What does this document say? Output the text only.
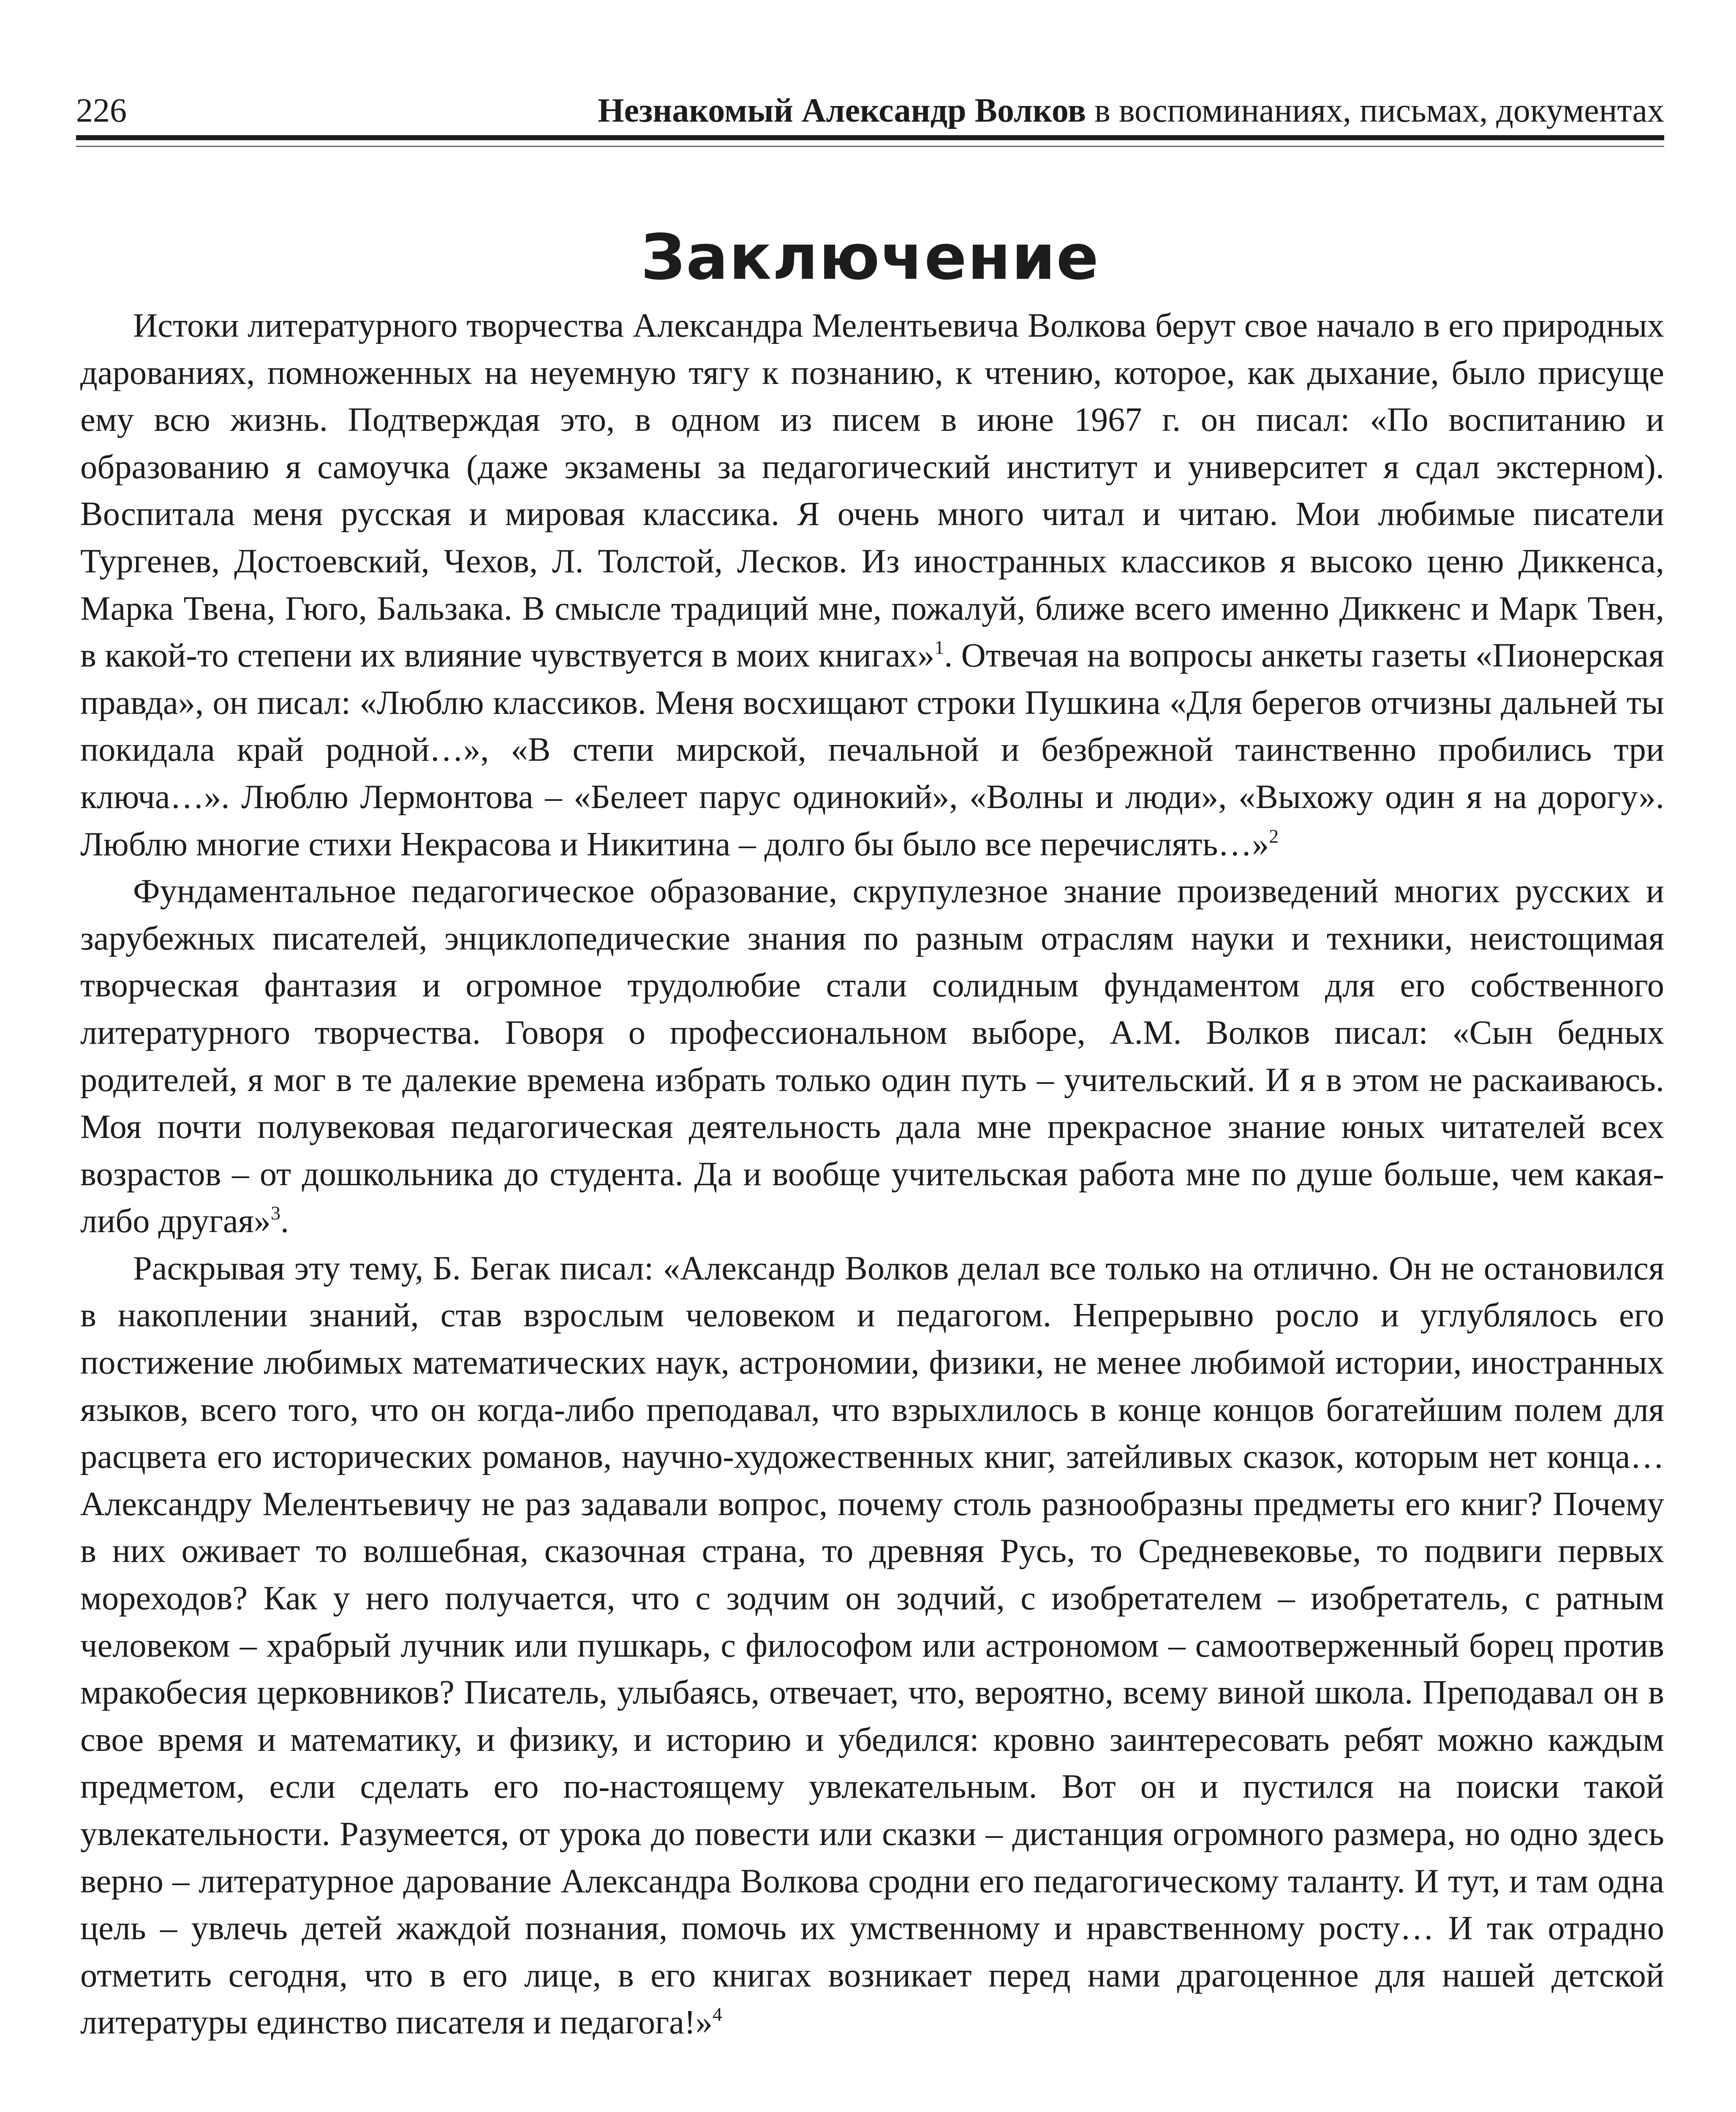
226	Незнакомый Александр Волков в воспоминаниях, письмах, документах
Заключение

Истоки литературного творчества Александра Мелентьевича Волкова берут свое начало в его природных дарованиях, помноженных на неуемную тягу к познанию, к чтению, которое, как дыхание, было присуще ему всю жизнь. Подтверждая это, в одном из писем в июне 1967 г. он писал: «По воспитанию и образованию я самоучка (даже экзамены за педагогический институт и университет я сдал экстерном). Воспитала меня русская и мировая классика. Я очень много читал и читаю. Мои любимые писатели Тургенев, Достоевский, Чехов, Л. Толстой, Лесков. Из иностранных классиков я высоко ценю Диккенса, Марка Твена, Гюго, Бальзака. В смысле традиций мне, пожалуй, ближе всего именно Диккенс и Марк Твен, в какой-то степени их влияние чувствуется в моих книгах»$^1$. Отвечая на вопросы анкеты газеты «Пионерская правда», он писал: «Люблю классиков. Меня восхищают строки Пушкина «Для берегов отчизны дальней ты покидала край родной…», «В степи мирской, печальной и безбрежной таинственно пробились три ключа…». Люблю Лермонтова – «Белеет парус одинокий», «Волны и люди», «Выхожу один я на дорогу». Люблю многие стихи Некрасова и Никитина – долго бы было все перечислять…»$^2$

Фундаментальное педагогическое образование, скрупулезное знание произведений многих русских и зарубежных писателей, энциклопедические знания по разным отраслям науки и техники, неистощимая творческая фантазия и огромное трудолюбие стали солидным фундаментом для его собственного литературного творчества. Говоря о профессиональном выборе, А.М. Волков писал: «Сын бедных родителей, я мог в те далекие времена избрать только один путь – учительский. И я в этом не раскаиваюсь. Моя почти полувековая педагогическая деятельность дала мне прекрасное знание юных читателей всех возрастов – от дошкольника до студента. Да и вообще учительская работа мне по душе больше, чем какая-либо другая»$^3$.

Раскрывая эту тему, Б. Бегак писал: «Александр Волков делал все только на отлично. Он не остановился в накоплении знаний, став взрослым человеком и педагогом. Непрерывно росло и углублялось его постижение любимых математических наук, астрономии, физики, не менее любимой истории, иностранных языков, всего того, что он когда-либо преподавал, что взрыхлилось в конце концов богатейшим полем для расцвета его исторических романов, научно-художественных книг, затейливых сказок, которым нет конца… Александру Мелентьевичу не раз задавали вопрос, почему столь разнообразны предметы его книг? Почему в них оживает то волшебная, сказочная страна, то древняя Русь, то Средневековье, то подвиги первых мореходов? Как у него получается, что с зодчим он зодчий, с изобретателем – изобретатель, с ратным человеком – храбрый лучник или пушкарь, с философом или астрономом – самоотверженный борец против мракобесия церковников? Писатель, улыбаясь, отвечает, что, вероятно, всему виной школа. Преподавал он в свое время и математику, и физику, и историю и убедился: кровно заинтересовать ребят можно каждым предметом, если сделать его по-настоящему увлекательным. Вот он и пустился на поиски такой увлекательности. Разумеется, от урока до повести или сказки – дистанция огромного размера, но одно здесь верно – литературное дарование Александра Волкова сродни его педагогическому таланту. И тут, и там одна цель – увлечь детей жаждой познания, помочь их умственному и нравственному росту… И так отрадно отметить сегодня, что в его лице, в его книгах возникает перед нами драгоценное для нашей детской литературы единство писателя и педагога!»$^4$
